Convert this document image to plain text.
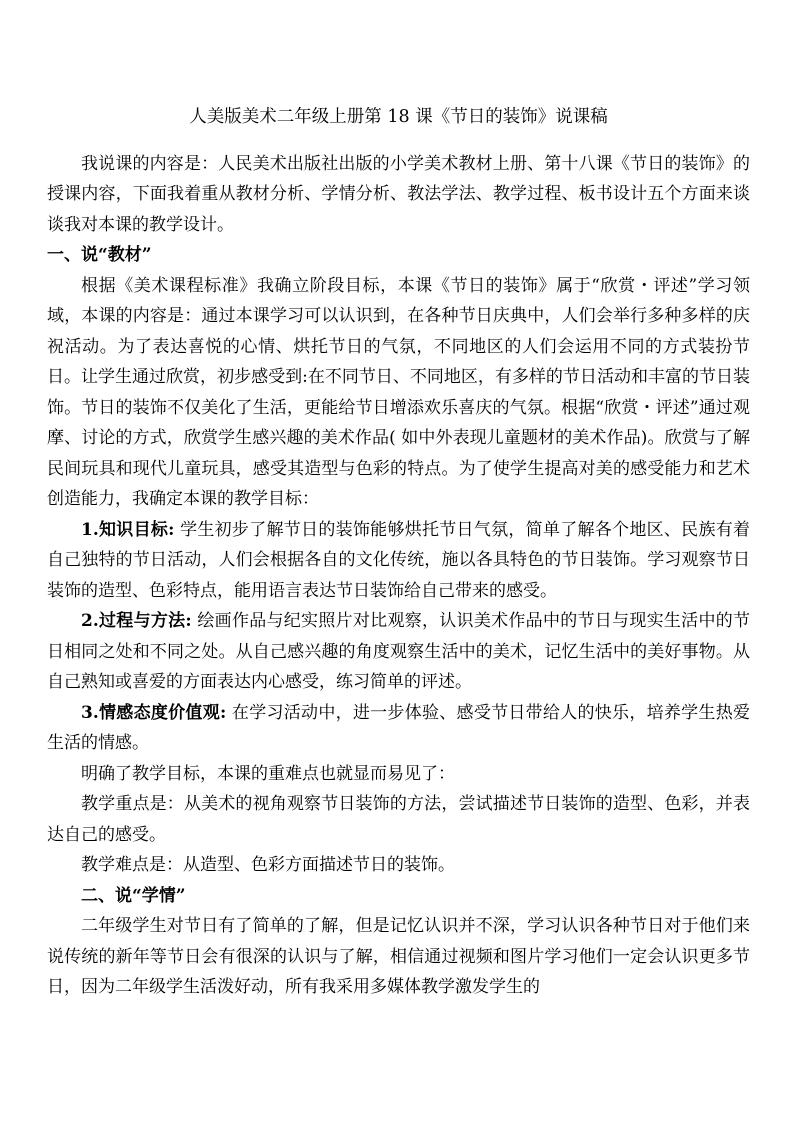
人美版美术二年级上册第 18 课《节日的装饰》说课稿

我说课的内容是：人民美术出版社出版的小学美术教材上册、第十八课《节日的装饰》的授课内容，下面我着重从教材分析、学情分析、教法学法、教学过程、板书设计五个方面来谈谈我对本课的教学设计。

一、说“教材”

根据《美术课程标准》我确立阶段目标，本课《节日的装饰》属于“欣赏・评述”学习领域，本课的内容是：通过本课学习可以认识到，在各种节日庆典中，人们会举行多种多样的庆祝活动。为了表达喜悦的心情、烘托节日的气氛，不同地区的人们会运用不同的方式装扮节日。让学生通过欣赏，初步感受到:在不同节日、不同地区，有多样的节日活动和丰富的节日装饰。节日的装饰不仅美化了生活，更能给节日增添欢乐喜庆的气氛。根据“欣赏・评述”通过观摩、讨论的方式，欣赏学生感兴趣的美术作品( 如中外表现儿童题材的美术作品)。欣赏与了解民间玩具和现代儿童玩具，感受其造型与色彩的特点。为了使学生提高对美的感受能力和艺术创造能力，我确定本课的教学目标：

1.知识目标: 学生初步了解节日的装饰能够烘托节日气氛，简单了解各个地区、民族有着自己独特的节日活动，人们会根据各自的文化传统，施以各具特色的节日装饰。学习观察节日装饰的造型、色彩特点，能用语言表达节日装饰给自己带来的感受。

2.过程与方法: 绘画作品与纪实照片对比观察，认识美术作品中的节日与现实生活中的节日相同之处和不同之处。从自己感兴趣的角度观察生活中的美术，记忆生活中的美好事物。从自己熟知或喜爱的方面表达内心感受，练习简单的评述。

3.情感态度价值观: 在学习活动中，进一步体验、感受节日带给人的快乐，培养学生热爱生活的情感。

明确了教学目标，本课的重难点也就显而易见了：

教学重点是：从美术的视角观察节日装饰的方法，尝试描述节日装饰的造型、色彩，并表达自己的感受。

教学难点是：从造型、色彩方面描述节日的装饰。

二、说“学情”

二年级学生对节日有了简单的了解，但是记忆认识并不深，学习认识各种节日对于他们来说传统的新年等节日会有很深的认识与了解，相信通过视频和图片学习他们一定会认识更多节日，因为二年级学生活泼好动，所有我采用多媒体教学激发学生的
